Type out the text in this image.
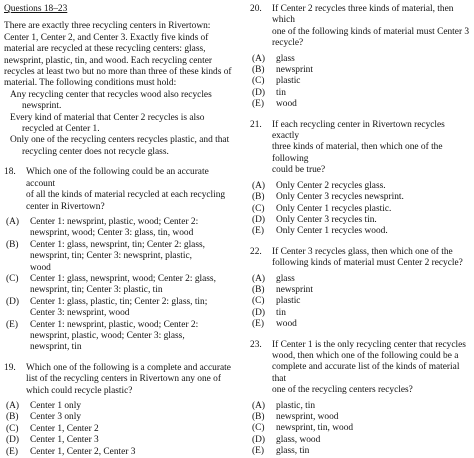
Questions 18–23
There are exactly three recycling centers in Rivertown:
Center 1, Center 2, and Center 3. Exactly five kinds of
material are recycled at these recycling centers: glass,
newsprint, plastic, tin, and wood. Each recycling center
recycles at least two but no more than three of these kinds of
material. The following conditions must hold:
Any recycling center that recycles wood also recycles
newsprint.
Every kind of material that Center 2 recycles is also
recycled at Center 1.
Only one of the recycling centers recycles plastic, and that
recycling center does not recycle glass.
18.	Which one of the following could be an accurate account
of all the kinds of material recycled at each recycling
center in Rivertown?
(A)	Center 1: newsprint, plastic, wood; Center 2:
newsprint, wood; Center 3: glass, tin, wood
(B)	Center 1: glass, newsprint, tin; Center 2: glass,
newsprint, tin; Center 3: newsprint, plastic,
wood
(C)	Center 1: glass, newsprint, wood; Center 2: glass,
newsprint, tin; Center 3: plastic, tin
(D)	Center 1: glass, plastic, tin; Center 2: glass, tin;
Center 3: newsprint, wood
(E)	Center 1: newsprint, plastic, wood; Center 2:
newsprint, plastic, wood; Center 3: glass,
newsprint, tin
19.	Which one of the following is a complete and accurate
list of the recycling centers in Rivertown any one of
which could recycle plastic?
(A)	Center 1 only
(B)	Center 3 only
(C)	Center 1, Center 2
(D)	Center 1, Center 3
(E)	Center 1, Center 2, Center 3
20.	If Center 2 recycles three kinds of material, then which
one of the following kinds of material must Center 3
recycle?
(A)	glass
(B)	newsprint
(C)	plastic
(D)	tin
(E)	wood
21.	If each recycling center in Rivertown recycles exactly
three kinds of material, then which one of the following
could be true?
(A)	Only Center 2 recycles glass.
(B)	Only Center 3 recycles newsprint.
(C)	Only Center 1 recycles plastic.
(D)	Only Center 3 recycles tin.
(E)	Only Center 1 recycles wood.
22.	If Center 3 recycles glass, then which one of the
following kinds of material must Center 2 recycle?
(A)	glass
(B)	newsprint
(C)	plastic
(D)	tin
(E)	wood
23.	If Center 1 is the only recycling center that recycles
wood, then which one of the following could be a
complete and accurate list of the kinds of material that
one of the recycling centers recycles?
(A)	plastic, tin
(B)	newsprint, wood
(C)	newsprint, tin, wood
(D)	glass, wood
(E)	glass, tin
